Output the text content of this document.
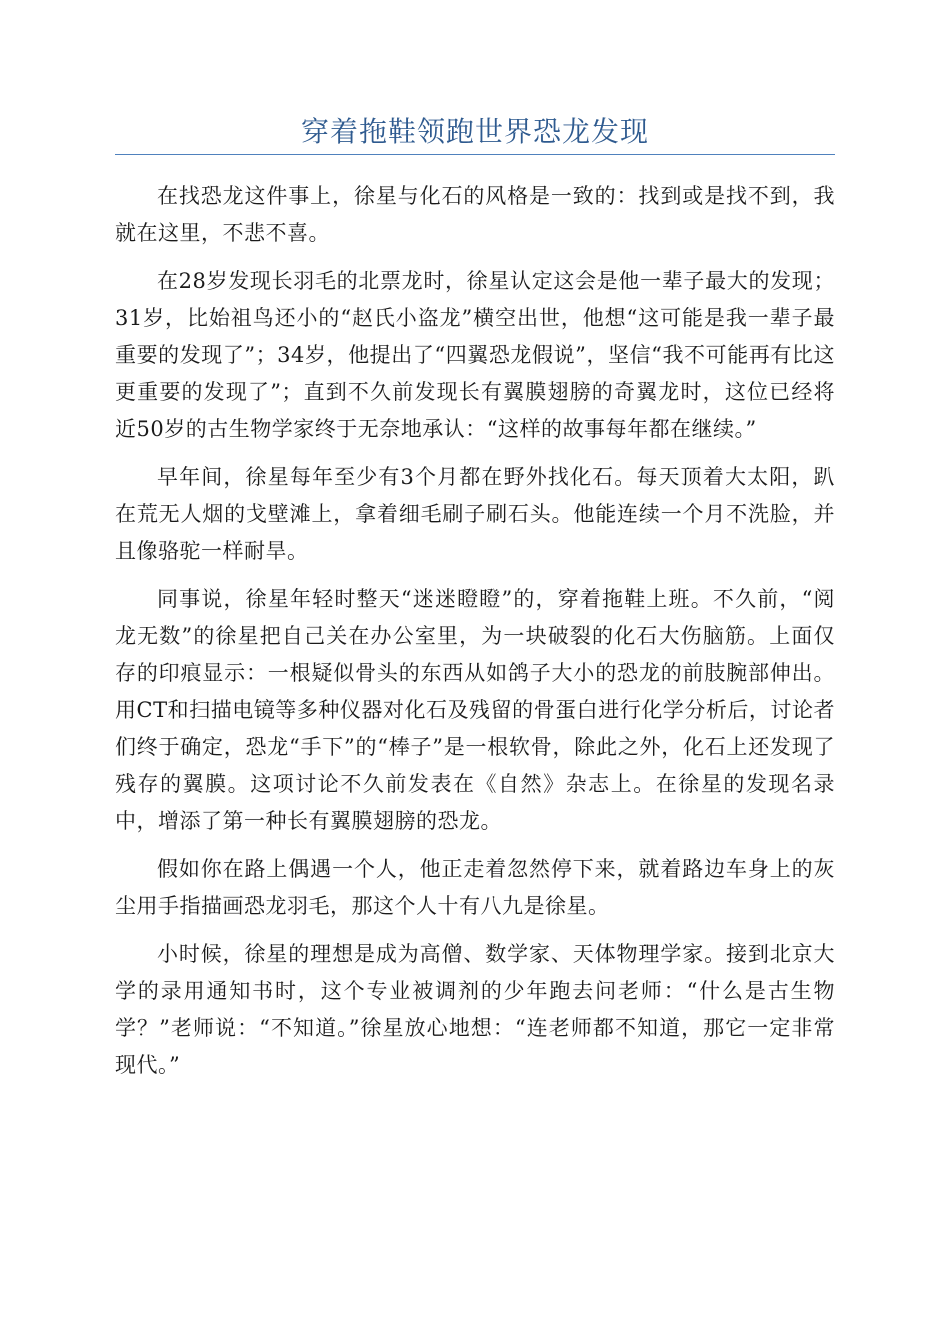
穿着拖鞋领跑世界恐龙发现

在找恐龙这件事上，徐星与化石的风格是一致的：找到或是找不到，我就在这里，不悲不喜。

在28岁发现长羽毛的北票龙时，徐星认定这会是他一辈子最大的发现；31岁，比始祖鸟还小的“赵氏小盗龙”横空出世，他想“这可能是我一辈子最重要的发现了”；34岁，他提出了“四翼恐龙假说”，坚信“我不可能再有比这更重要的发现了”；直到不久前发现长有翼膜翅膀的奇翼龙时，这位已经将近50岁的古生物学家终于无奈地承认：“这样的故事每年都在继续。”

早年间，徐星每年至少有3个月都在野外找化石。每天顶着大太阳，趴在荒无人烟的戈壁滩上，拿着细毛刷子刷石头。他能连续一个月不洗脸，并且像骆驼一样耐旱。

同事说，徐星年轻时整天“迷迷瞪瞪”的，穿着拖鞋上班。不久前，“阅龙无数”的徐星把自己关在办公室里，为一块破裂的化石大伤脑筋。上面仅存的印痕显示：一根疑似骨头的东西从如鸽子大小的恐龙的前肢腕部伸出。用CT和扫描电镜等多种仪器对化石及残留的骨蛋白进行化学分析后，讨论者们终于确定，恐龙“手下”的“棒子”是一根软骨，除此之外，化石上还发现了残存的翼膜。这项讨论不久前发表在《自然》杂志上。在徐星的发现名录中，增添了第一种长有翼膜翅膀的恐龙。

假如你在路上偶遇一个人，他正走着忽然停下来，就着路边车身上的灰尘用手指描画恐龙羽毛，那这个人十有八九是徐星。

小时候，徐星的理想是成为高僧、数学家、天体物理学家。接到北京大学的录用通知书时，这个专业被调剂的少年跑去问老师：“什么是古生物学？”老师说：“不知道。”徐星放心地想：“连老师都不知道，那它一定非常现代。”
